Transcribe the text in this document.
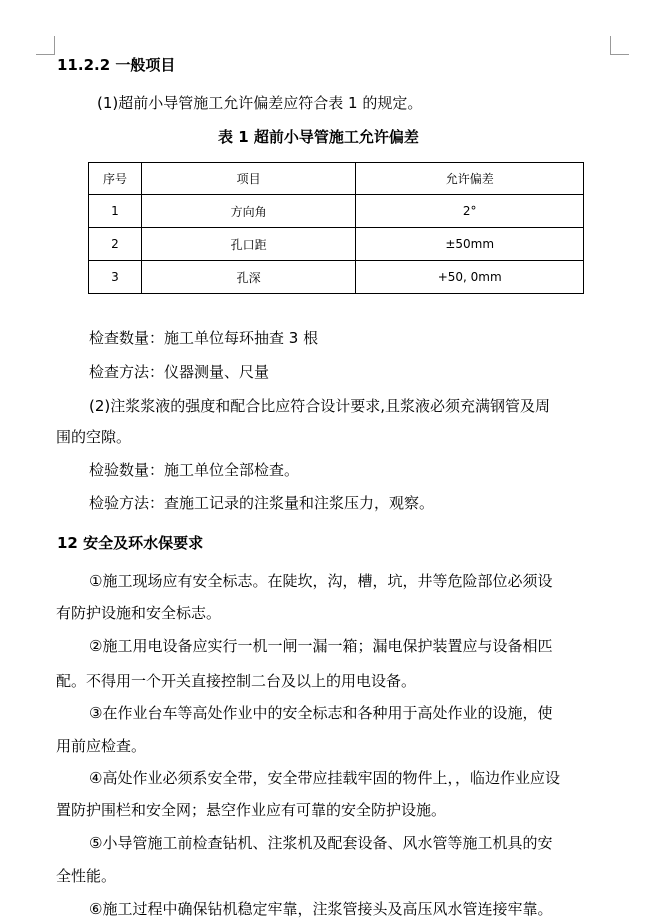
11.2.2 一般项目
(1)超前小导管施工允许偏差应符合表 1 的规定。
表 1 超前小导管施工允许偏差
序号	项目	允许偏差
1	方向角	2°
2	孔口距	±50mm
3	孔深	+50, 0mm
检查数量：施工单位每环抽查 3 根
检查方法：仪器测量、尺量
(2)注浆浆液的强度和配合比应符合设计要求,且浆液必须充满钢管及周
围的空隙。
检验数量：施工单位全部检查。
检验方法：查施工记录的注浆量和注浆压力，观察。
12 安全及环水保要求
①施工现场应有安全标志。在陡坎，沟，槽，坑，井等危险部位必须设
有防护设施和安全标志。
②施工用电设备应实行一机一闸一漏一箱；漏电保护装置应与设备相匹
配。不得用一个开关直接控制二台及以上的用电设备。
③在作业台车等高处作业中的安全标志和各种用于高处作业的设施，使
用前应检查。
④高处作业必须系安全带，安全带应挂载牢固的物件上，，临边作业应设
置防护围栏和安全网；悬空作业应有可靠的安全防护设施。
⑤小导管施工前检查钻机、注浆机及配套设备、风水管等施工机具的安
全性能。
⑥施工过程中确保钻机稳定牢靠，注浆管接头及高压风水管连接牢靠。
